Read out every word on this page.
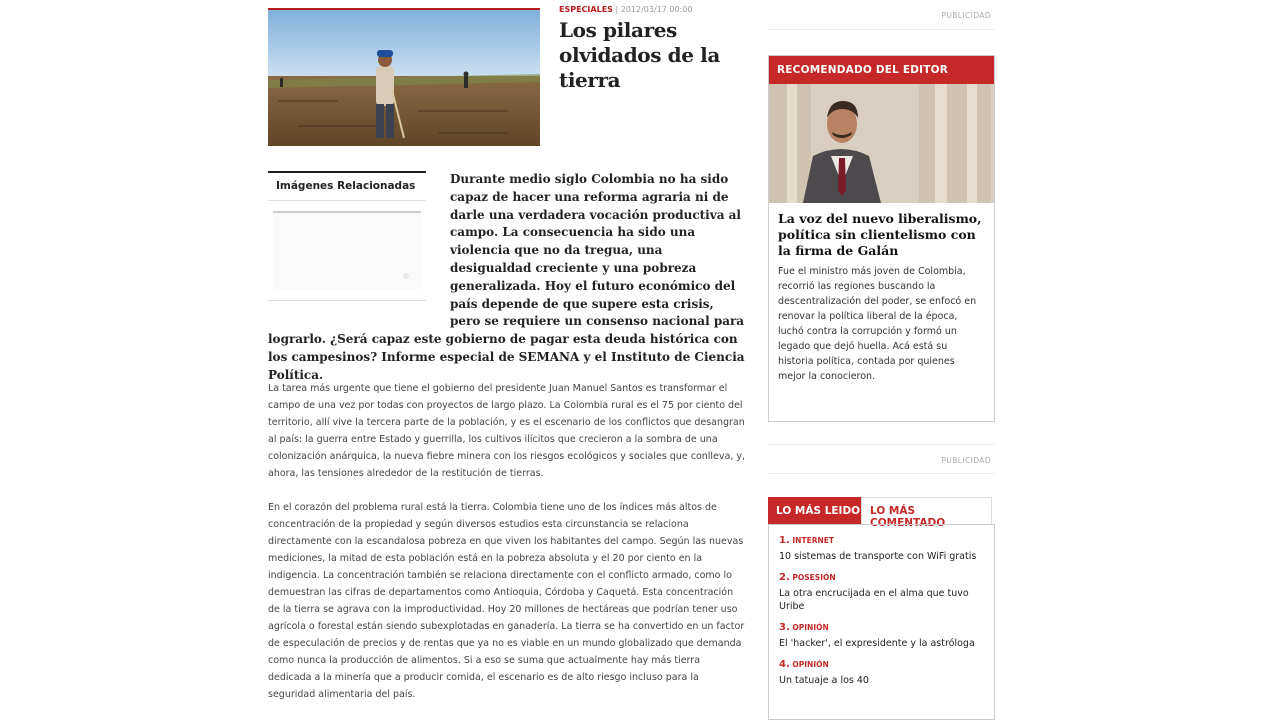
ESPECIALES | 2012/03/17 00:00
Los pilares olvidados de la tierra
Durante medio siglo Colombia no ha sido capaz de hacer una reforma agraria ni de darle una verdadera vocación productiva al campo. La consecuencia ha sido una violencia que no da tregua, una desigualdad creciente y una pobreza generalizada. Hoy el futuro económico del país depende de que supere esta crisis, pero se requiere un consenso nacional para lograrlo. ¿Será capaz este gobierno de pagar esta deuda histórica con los campesinos? Informe especial de SEMANA y el Instituto de Ciencia Política.
Imágenes Relacionadas

La tarea más urgente que tiene el gobierno del presidente Juan Manuel Santos es transformar el campo de una vez por todas con proyectos de largo plazo. La Colombia rural es el 75 por ciento del territorio, allí vive la tercera parte de la población, y es el escenario de los conflictos que desangran al país: la guerra entre Estado y guerrilla, los cultivos ilícitos que crecieron a la sombra de una colonización anárquica, la nueva fiebre minera con los riesgos ecológicos y sociales que conlleva, y, ahora, las tensiones alrededor de la restitución de tierras.

En el corazón del problema rural está la tierra. Colombia tiene uno de los índices más altos de concentración de la propiedad y según diversos estudios esta circunstancia se relaciona directamente con la escandalosa pobreza en que viven los habitantes del campo. Según las nuevas mediciones, la mitad de esta población está en la pobreza absoluta y el 20 por ciento en la indigencia. La concentración también se relaciona directamente con el conflicto armado, como lo demuestran las cifras de departamentos como Antioquia, Córdoba y Caquetá. Esta concentración de la tierra se agrava con la improductividad. Hoy 20 millones de hectáreas que podrían tener uso agrícola o forestal están siendo subexplotadas en ganadería. La tierra se ha convertido en un factor de especulación de precios y de rentas que ya no es viable en un mundo globalizado que demanda como nunca la producción de alimentos. Si a eso se suma que actualmente hay más tierra dedicada a la minería que a producir comida, el escenario es de alto riesgo incluso para la seguridad alimentaria del país.

PUBLICIDAD
RECOMENDADO DEL EDITOR
La voz del nuevo liberalismo, política sin clientelismo con la firma de Galán
Fue el ministro más joven de Colombia, recorrió las regiones buscando la descentralización del poder, se enfocó en renovar la política liberal de la época, luchó contra la corrupción y formó un legado que dejó huella. Acá está su historia política, contada por quienes mejor la conocieron.
PUBLICIDAD
LO MÁS LEIDO LO MÁS COMENTADO
1. INTERNET
10 sistemas de transporte con WiFi gratis
2. POSESIÓN
La otra encrucijada en el alma que tuvo Uribe
3. OPINIÓN
El 'hacker', el expresidente y la astróloga
4. OPINIÓN
Un tatuaje a los 40
